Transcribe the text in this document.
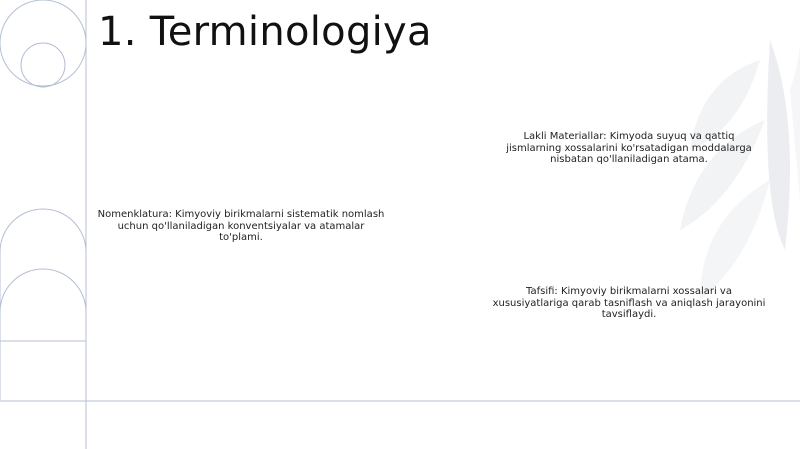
1. Terminologiya

Lakli Materiallar: Kimyoda suyuq va qattiq jismlarning xossalarini ko'rsatadigan moddalarga nisbatan qo'llaniladigan atama.

Nomenklatura: Kimyoviy birikmalarni sistematik nomlash uchun qo'llaniladigan konventsiyalar va atamalar to'plami.

Tafsifi: Kimyoviy birikmalarni xossalari va xususiyatlariga qarab tasniflash va aniqlash jarayonini tavsiflaydi.
